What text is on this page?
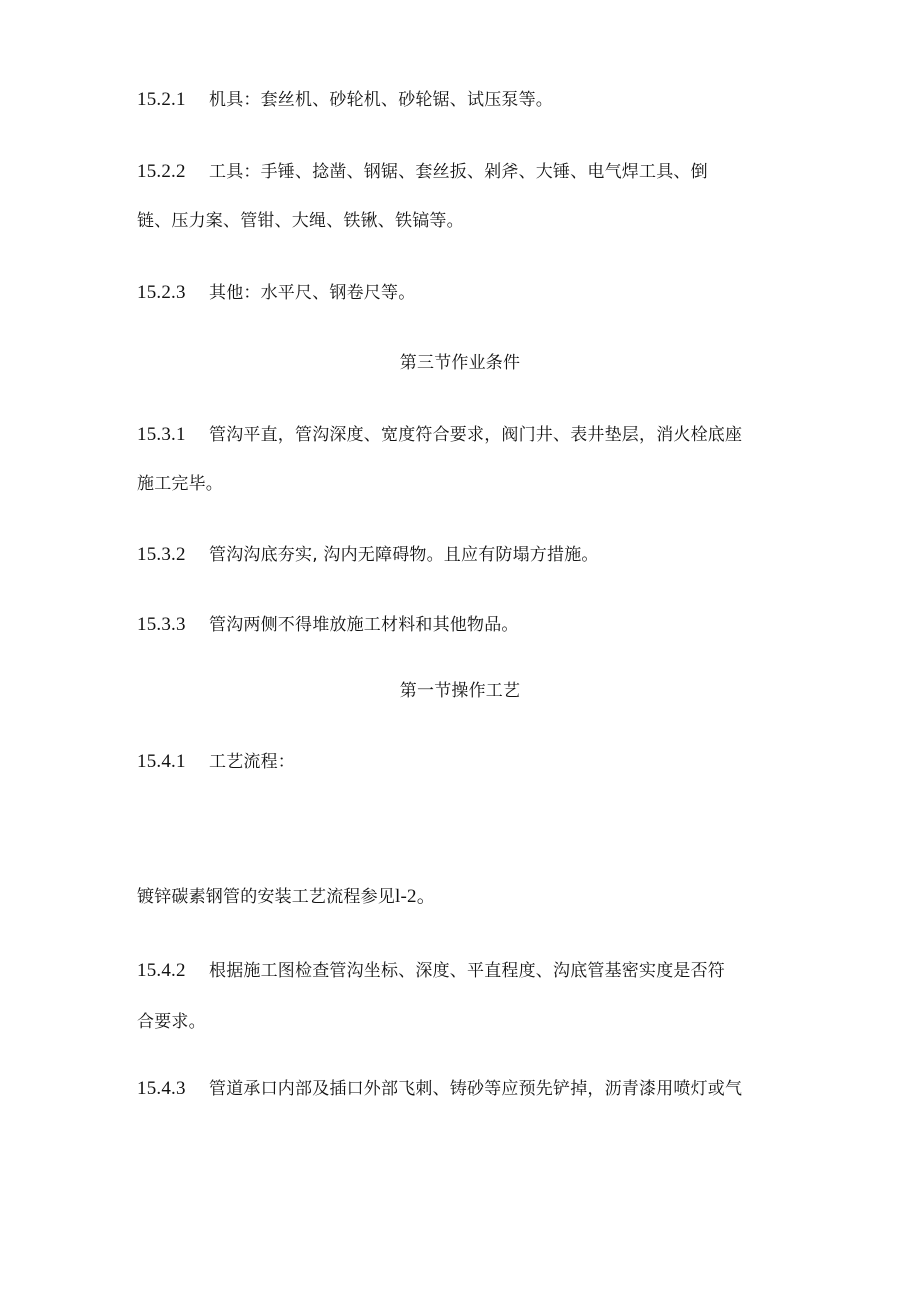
15.2.1 机具：套丝机、砂轮机、砂轮锯、试压泵等。
15.2.2 工具：手锤、捻凿、钢锯、套丝扳、剁斧、大锤、电气焊工具、倒
链、压力案、管钳、大绳、铁锹、铁镐等。
15.2.3 其他：水平尺、钢卷尺等。
第三节作业条件
15.3.1 管沟平直，管沟深度、宽度符合要求，阀门井、表井垫层，消火栓底座
施工完毕。
15.3.2 管沟沟底夯实, 沟内无障碍物。且应有防塌方措施。
15.3.3 管沟两侧不得堆放施工材料和其他物品。
第一节操作工艺
15.4.1 工艺流程：
镀锌碳素钢管的安装工艺流程参见l-2。
15.4.2 根据施工图检查管沟坐标、深度、平直程度、沟底管基密实度是否符
合要求。
15.4.3 管道承口内部及插口外部飞刺、铸砂等应预先铲掉，沥青漆用喷灯或气
